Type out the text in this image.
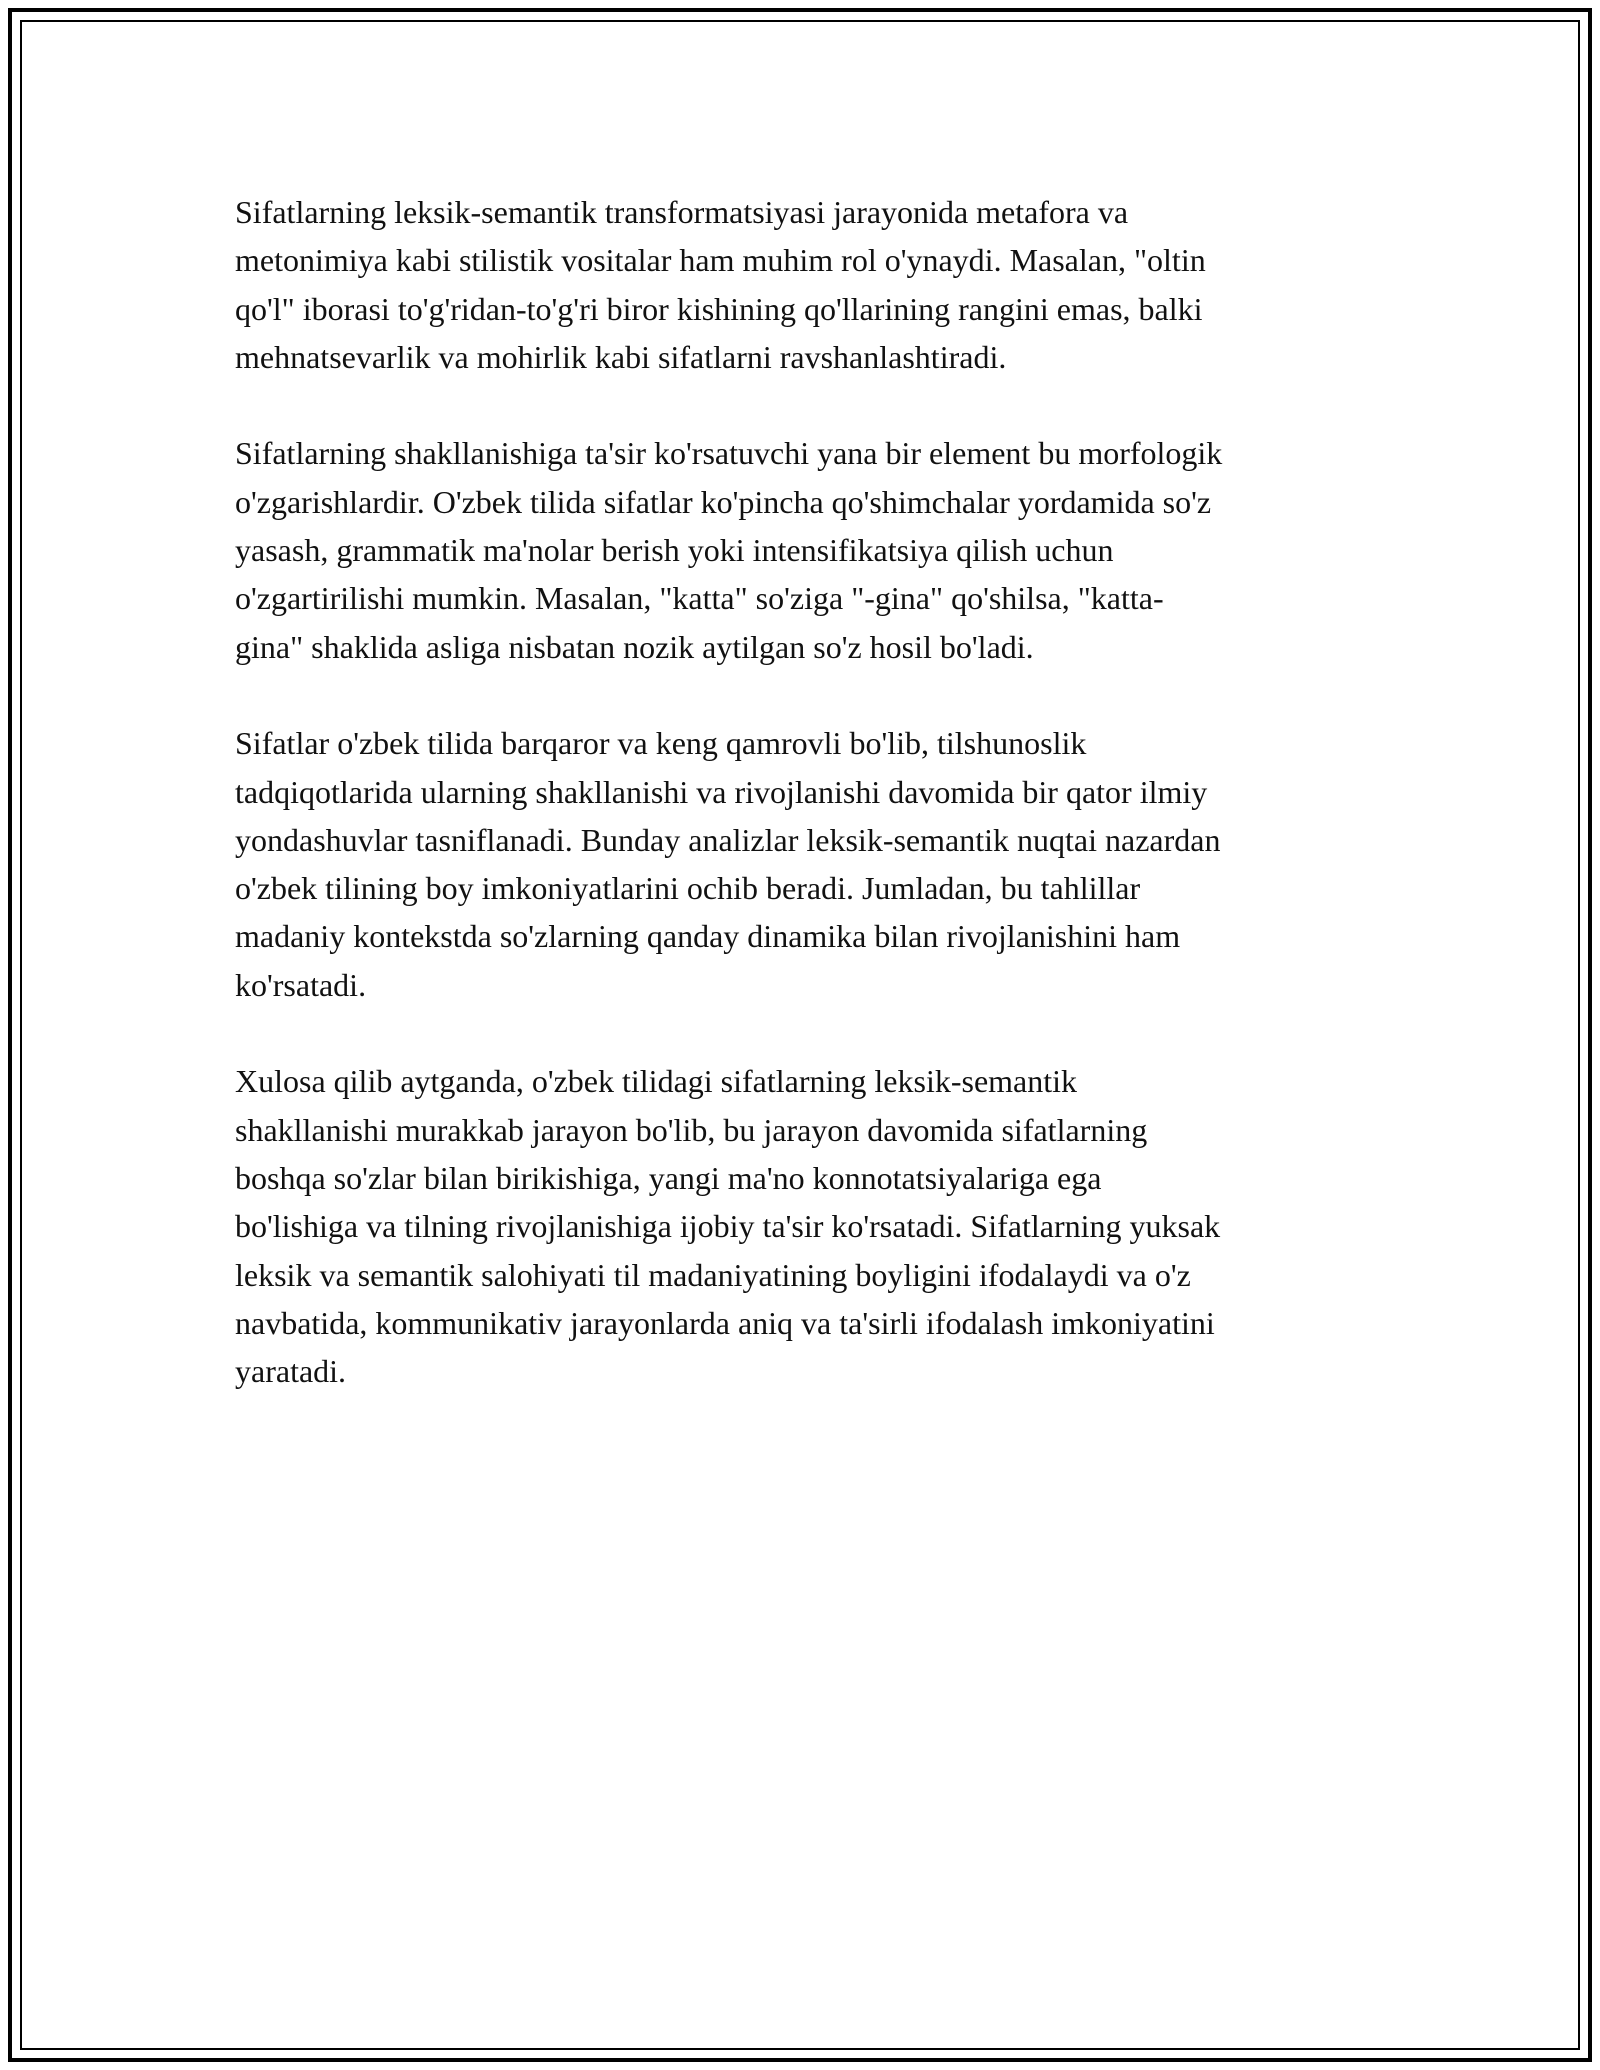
Sifatlarning leksik-semantik transformatsiyasi jarayonida metafora va
metonimiya kabi stilistik vositalar ham muhim rol o'ynaydi. Masalan, "oltin
qo'l" iborasi to'g'ridan-to'g'ri biror kishining qo'llarining rangini emas, balki
mehnatsevarlik va mohirlik kabi sifatlarni ravshanlashtiradi.

Sifatlarning shakllanishiga ta'sir ko'rsatuvchi yana bir element bu morfologik
o'zgarishlardir. O'zbek tilida sifatlar ko'pincha qo'shimchalar yordamida so'z
yasash, grammatik ma'nolar berish yoki intensifikatsiya qilish uchun
o'zgartirilishi mumkin. Masalan, "katta" so'ziga "-gina" qo'shilsa, "katta-
gina" shaklida asliga nisbatan nozik aytilgan so'z hosil bo'ladi.

Sifatlar o'zbek tilida barqaror va keng qamrovli bo'lib, tilshunoslik
tadqiqotlarida ularning shakllanishi va rivojlanishi davomida bir qator ilmiy
yondashuvlar tasniflanadi. Bunday analizlar leksik-semantik nuqtai nazardan
o'zbek tilining boy imkoniyatlarini ochib beradi. Jumladan, bu tahlillar
madaniy kontekstda so'zlarning qanday dinamika bilan rivojlanishini ham
ko'rsatadi.

Xulosa qilib aytganda, o'zbek tilidagi sifatlarning leksik-semantik
shakllanishi murakkab jarayon bo'lib, bu jarayon davomida sifatlarning
boshqa so'zlar bilan birikishiga, yangi ma'no konnotatsiyalariga ega
bo'lishiga va tilning rivojlanishiga ijobiy ta'sir ko'rsatadi. Sifatlarning yuksak
leksik va semantik salohiyati til madaniyatining boyligini ifodalaydi va o'z
navbatida, kommunikativ jarayonlarda aniq va ta'sirli ifodalash imkoniyatini
yaratadi.
